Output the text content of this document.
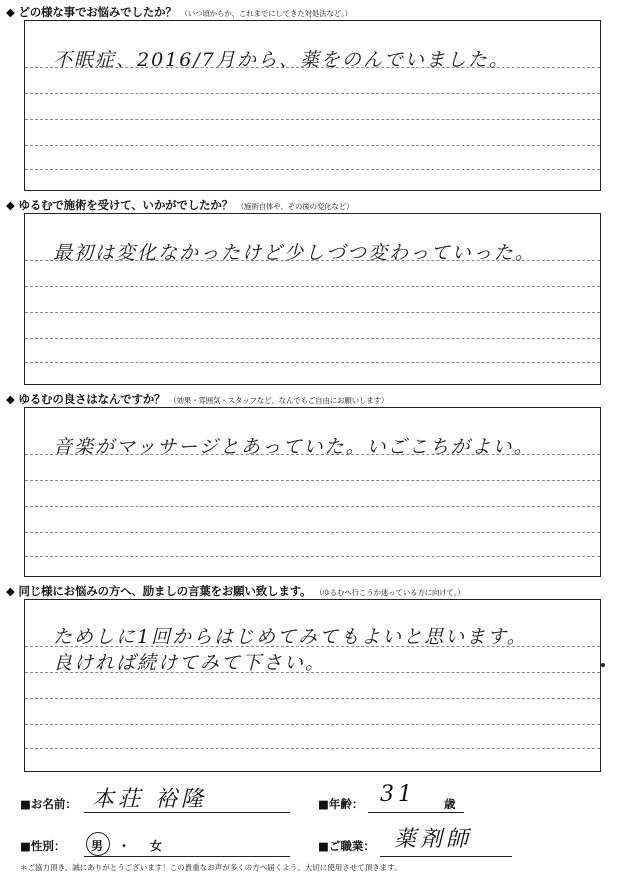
◆ どの様な事でお悩みでしたか？ （いつ頃からか、これまでにしてきた対処法など。）
不眠症、2016/7月から、薬をのんでいました。
◆ ゆるむで施術を受けて、いかがでしたか？ （施術自体や、その後の変化など）
最初は変化なかったけど少しづつ変わっていった。
◆ ゆるむの良さはなんですか？ （効果・雰囲気・スタッフなど、なんでもご自由にお願いします）
音楽がマッサージとあっていた。いごこちがよい。
◆ 同じ様にお悩みの方へ、励ましの言葉をお願い致します。 （ゆるむへ行こうか迷っている方に向けて。）
ためしに1回からはじめてみてもよいと思います。
良ければ続けてみて下さい。
■お名前： 本荘 裕隆	■年齢： 31 歳
■性別： 男 ・ 女	■ご職業： 薬剤師
＊ご協力頂き、誠にありがとうございます！この貴重なお声が多くの方へ届くよう、大切に使用させて頂きます。
